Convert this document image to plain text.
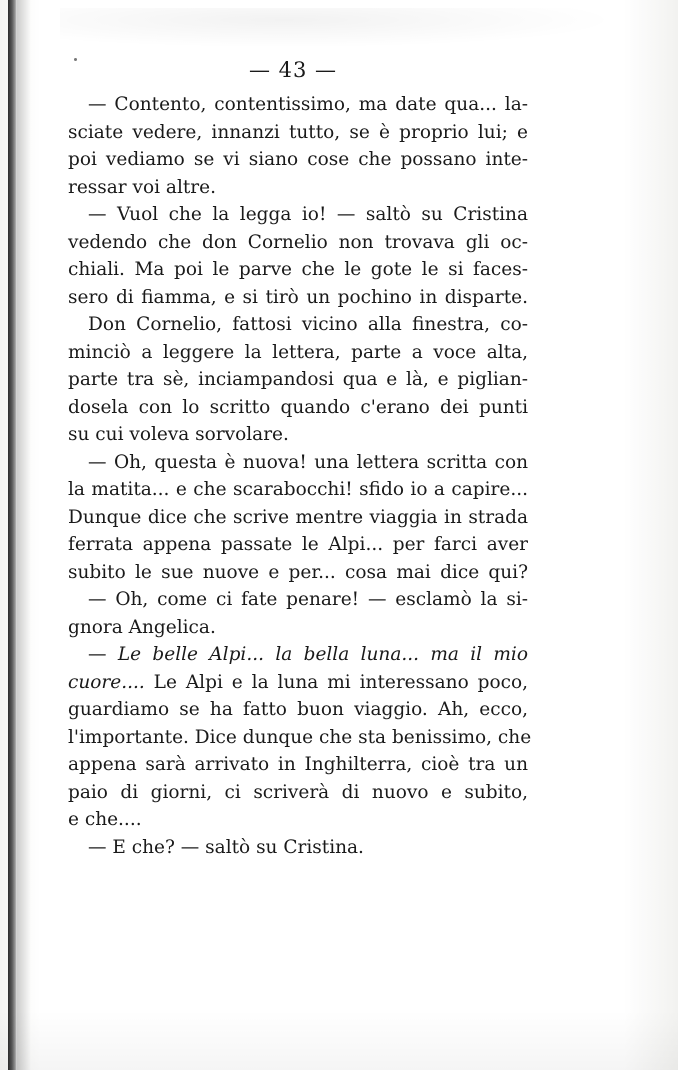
— 43 —
— Contento, contentissimo, ma date qua... la-
sciate vedere, innanzi tutto, se è proprio lui; e
poi vediamo se vi siano cose che possano inte-
ressar voi altre.
— Vuol che la legga io! — saltò su Cristina
vedendo che don Cornelio non trovava gli oc-
chiali. Ma poi le parve che le gote le si faces-
sero di fiamma, e si tirò un pochino in disparte.
Don Cornelio, fattosi vicino alla finestra, co-
minciò a leggere la lettera, parte a voce alta,
parte tra sè, inciampandosi qua e là, e piglian-
dosela con lo scritto quando c'erano dei punti
su cui voleva sorvolare.
— Oh, questa è nuova! una lettera scritta con
la matita... e che scarabocchi! sfido io a capire...
Dunque dice che scrive mentre viaggia in strada
ferrata appena passate le Alpi... per farci aver
subito le sue nuove e per... cosa mai dice qui?
— Oh, come ci fate penare! — esclamò la si-
gnora Angelica.
— Le belle Alpi... la bella luna... ma il mio
cuore.... Le Alpi e la luna mi interessano poco,
guardiamo se ha fatto buon viaggio. Ah, ecco,
l'importante. Dice dunque che sta benissimo, che
appena sarà arrivato in Inghilterra, cioè tra un
paio di giorni, ci scriverà di nuovo e subito,
e che....
— E che? — saltò su Cristina.
